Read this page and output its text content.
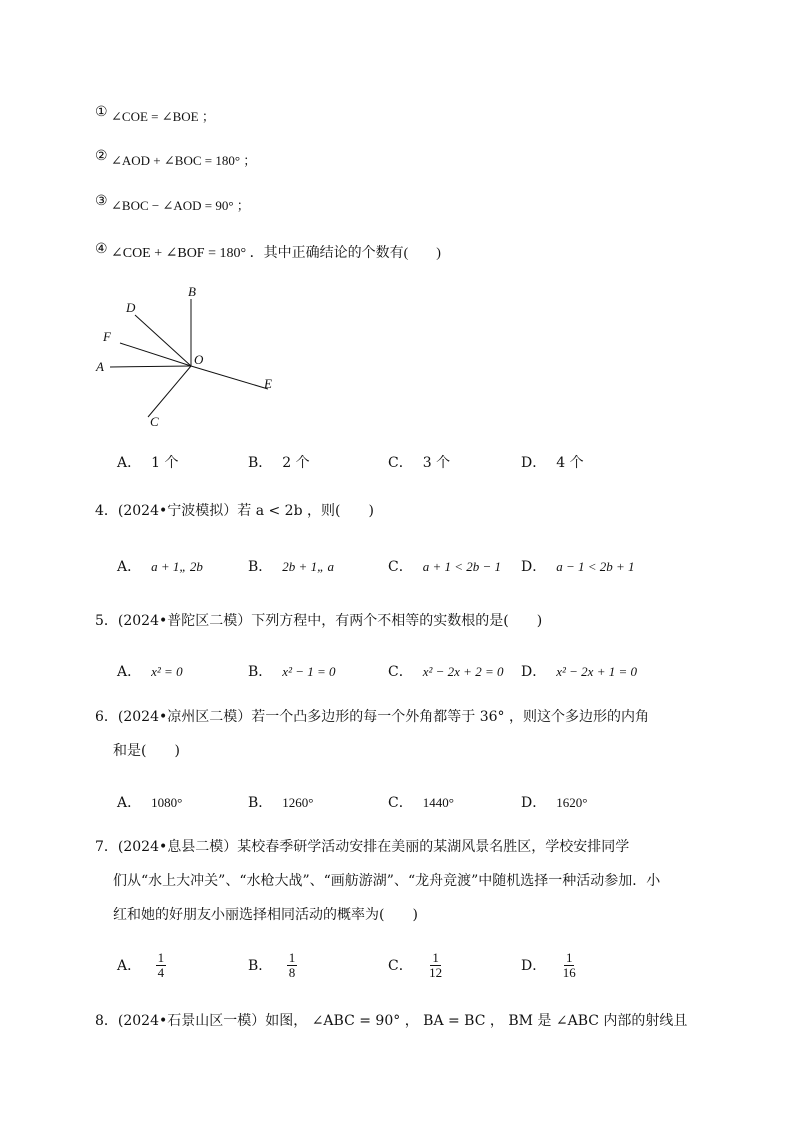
① ∠COE = ∠BOE ；
② ∠AOD + ∠BOC = 180° ；
③ ∠BOC − ∠AOD = 90° ；
④ ∠COE + ∠BOF = 180° ．其中正确结论的个数有(　　)
B
D
F
A	O
E
C
A． 1 个	B． 2 个	C． 3 个	D． 4 个
4．(2024•宁波模拟）若 a < 2b ，则(　　)
A． a + 1„ 2b	B． 2b + 1„ a	C． a + 1 < 2b − 1 D． a − 1 < 2b + 1
5．(2024•普陀区二模）下列方程中，有两个不相等的实数根的是(　　)
A． x² = 0	B． x² − 1 = 0	C． x² − 2x + 2 = 0 D． x² − 2x + 1 = 0
6．(2024•凉州区二模）若一个凸多边形的每一个外角都等于 36° ，则这个多边形的内角
和是(　　)
A． 1080°	B． 1260°	C． 1440°	D． 1620°
7．(2024•息县二模）某校春季研学活动安排在美丽的某湖风景名胜区，学校安排同学
们从“水上大冲关”、“水枪大战”、“画舫游湖”、“龙舟竞渡”中随机选择一种活动参加．小
红和她的好朋友小丽选择相同活动的概率为(　　)
A． $\frac{1}{4}$	B． $\frac{1}{8}$	C． $\frac{1}{12}$	D． $\frac{1}{16}$
8．(2024•石景山区一模）如图， ∠ABC = 90° ， BA = BC ， BM 是 ∠ABC 内部的射线且
